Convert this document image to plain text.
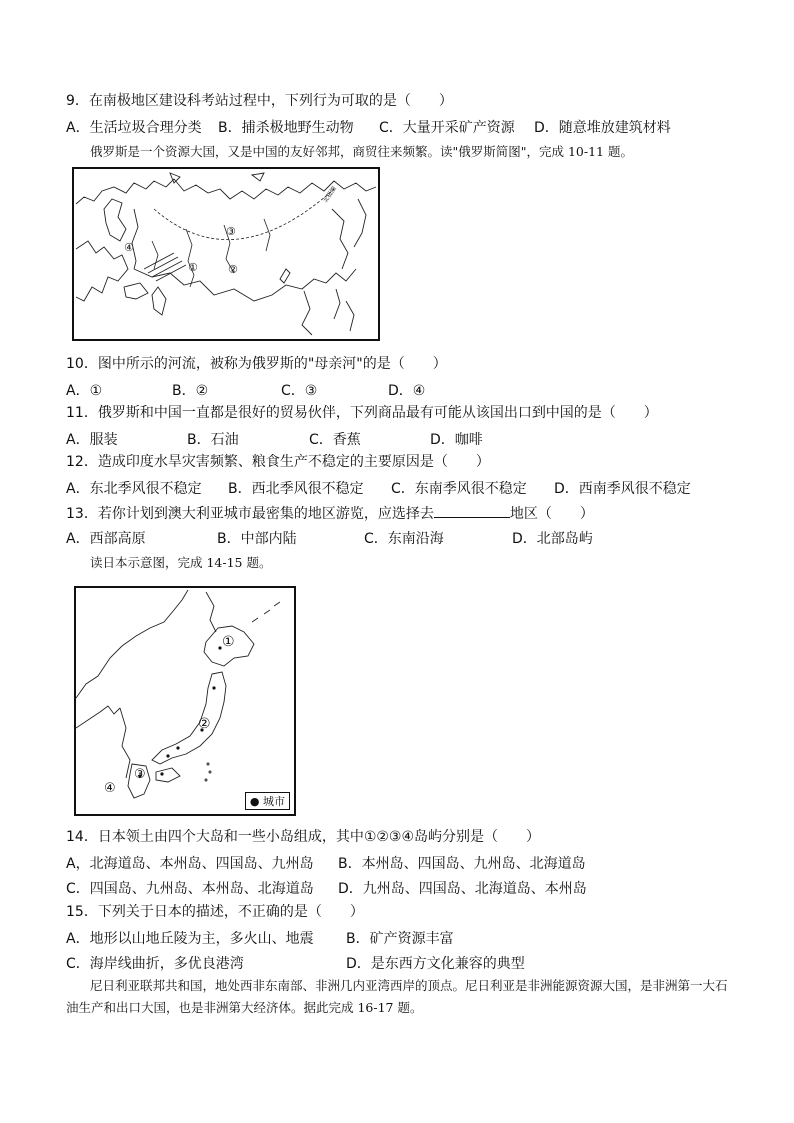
9．在南极地区建设科考站过程中，下列行为可取的是（　　）
A．生活垃圾合理分类 B．捕杀极地野生动物 C．大量开采矿产资源 D．随意堆放建筑材料
俄罗斯是一个资源大国，又是中国的友好邻邦，商贸往来频繁。读"俄罗斯简图"，完成 10-11 题。
③
①	②
④
北极圈
10．图中所示的河流，被称为俄罗斯的"母亲河"的是（　　）
A．①	B．②	C．③	D．④
11．俄罗斯和中国一直都是很好的贸易伙伴，下列商品最有可能从该国出口到中国的是（　　）
A．服装	B．石油	C．香蕉	D．咖啡
12．造成印度水旱灾害频繁、粮食生产不稳定的主要原因是（　　）
A．东北季风很不稳定 B．西北季风很不稳定 C．东南季风很不稳定 D．西南季风很不稳定
13．若你计划到澳大利亚城市最密集的地区游览，应选择去	地区（　　）
A．西部高原	B．中部内陆	C．东南沿海	D．北部岛屿
读日本示意图，完成 14-15 题。
①
②
③
④
● 城市
14．日本领土由四个大岛和一些小岛组成，其中①②③④岛屿分别是（　　）
A，北海道岛、本州岛、四国岛、九州岛 B．本州岛、四国岛、九州岛、北海道岛
C．四国岛、九州岛、本州岛、北海道岛 D．九州岛、四国岛、北海道岛、本州岛
15．下列关于日本的描述，不正确的是（　　）
A．地形以山地丘陵为主，多火山、地震 B．矿产资源丰富
C．海岸线曲折，多优良港湾	D．是东西方文化兼容的典型
尼日利亚联邦共和国，地处西非东南部、非洲几内亚湾西岸的顶点。尼日利亚是非洲能源资源大国，是非洲第一大石油生产和出口大国，也是非洲第大经济体。据此完成 16-17 题。
